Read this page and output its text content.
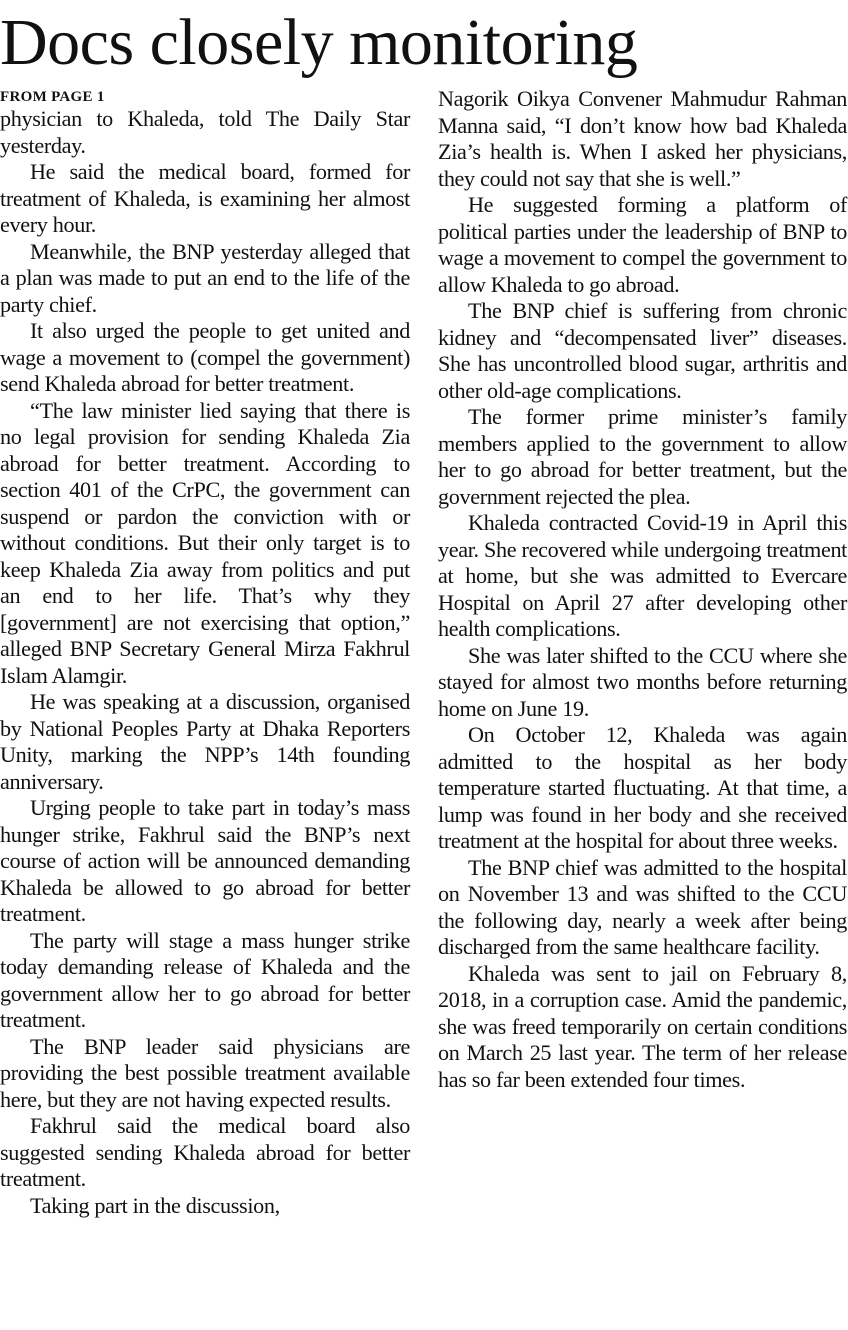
Docs closely monitoring
FROM PAGE 1

physician to Khaleda, told The Daily Star yesterday.

He said the medical board, formed for treatment of Khaleda, is examining her almost every hour.

Meanwhile, the BNP yesterday alleged that a plan was made to put an end to the life of the party chief.

It also urged the people to get united and wage a movement to (compel the government) send Khaleda abroad for better treatment.

“The law minister lied saying that there is no legal provision for sending Khaleda Zia abroad for better treatment. According to section 401 of the CrPC, the government can suspend or pardon the conviction with or without conditions. But their only target is to keep Khaleda Zia away from politics and put an end to her life. That’s why they [government] are not exercising that option,” alleged BNP Secretary General Mirza Fakhrul Islam Alamgir.

He was speaking at a discussion, organised by National Peoples Party at Dhaka Reporters Unity, marking the NPP’s 14th founding anniversary.

Urging people to take part in today’s mass hunger strike, Fakhrul said the BNP’s next course of action will be announced demanding Khaleda be allowed to go abroad for better treatment.

The party will stage a mass hunger strike today demanding release of Khaleda and the government allow her to go abroad for better treatment.

The BNP leader said physicians are providing the best possible treatment available here, but they are not having expected results.

Fakhrul said the medical board also suggested sending Khaleda abroad for better treatment.

Taking part in the discussion,

Nagorik Oikya Convener Mahmudur Rahman Manna said, “I don’t know how bad Khaleda Zia’s health is. When I asked her physicians, they could not say that she is well.”

He suggested forming a platform of political parties under the leadership of BNP to wage a movement to compel the government to allow Khaleda to go abroad.

The BNP chief is suffering from chronic kidney and “decompensated liver” diseases. She has uncontrolled blood sugar, arthritis and other old-age complications.

The former prime minister’s family members applied to the government to allow her to go abroad for better treatment, but the government rejected the plea.

Khaleda contracted Covid-19 in April this year. She recovered while undergoing treatment at home, but she was admitted to Evercare Hospital on April 27 after developing other health complications.

She was later shifted to the CCU where she stayed for almost two months before returning home on June 19.

On October 12, Khaleda was again admitted to the hospital as her body temperature started fluctuating. At that time, a lump was found in her body and she received treatment at the hospital for about three weeks.

The BNP chief was admitted to the hospital on November 13 and was shifted to the CCU the following day, nearly a week after being discharged from the same healthcare facility.

Khaleda was sent to jail on February 8, 2018, in a corruption case. Amid the pandemic, she was freed temporarily on certain conditions on March 25 last year. The term of her release has so far been extended four times.
